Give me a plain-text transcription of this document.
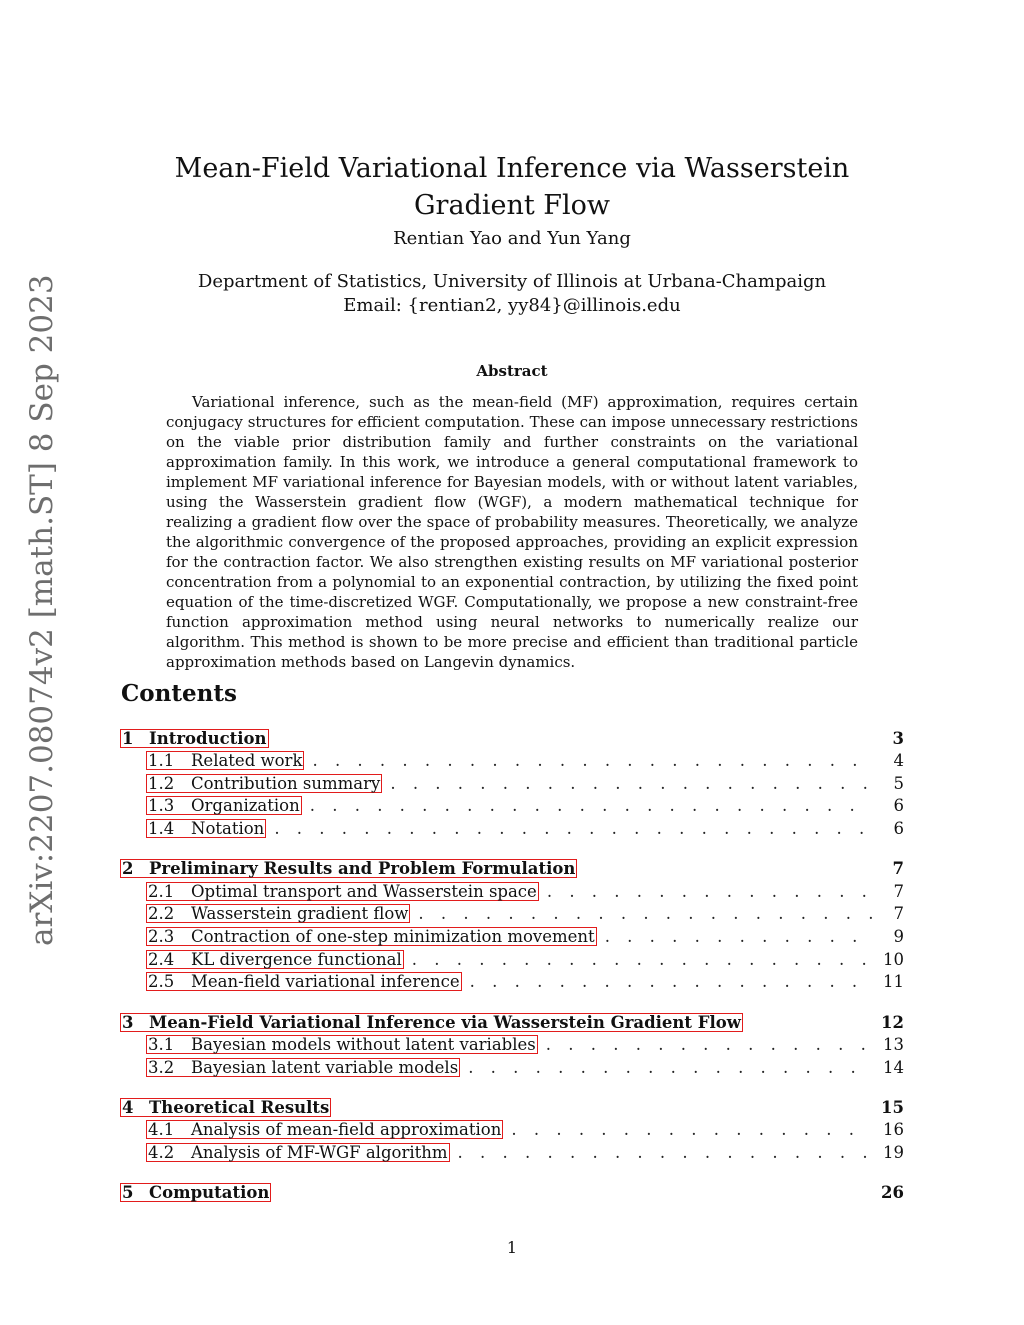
arXiv:2207.08074v2 [math.ST] 8 Sep 2023
Mean-Field Variational Inference via Wasserstein
Gradient Flow
Rentian Yao and Yun Yang
Department of Statistics, University of Illinois at Urbana-Champaign
Email: {rentian2, yy84}@illinois.edu
Abstract

Variational inference, such as the mean-field (MF) approximation, requires certain conjugacy structures for efficient computation. These can impose unnecessary restrictions on the viable prior distribution family and further constraints on the variational approximation family. In this work, we introduce a general computational framework to implement MF variational inference for Bayesian models, with or without latent variables, using the Wasserstein gradient flow (WGF), a modern mathematical technique for realizing a gradient flow over the space of probability measures. Theoretically, we analyze the algorithmic convergence of the proposed approaches, providing an explicit expression for the contraction factor. We also strengthen existing results on MF variational posterior concentration from a polynomial to an exponential contraction, by utilizing the fixed point equation of the time-discretized WGF. Computationally, we propose a new constraint-free function approximation method using neural networks to numerically realize our algorithm. This method is shown to be more precise and efficient than traditional particle approximation methods based on Langevin dynamics.

Contents
1 Introduction	3
1.1	Related work . . .	4
1.2	Contribution summary . . .	5
1.3	Organization . . .	6
1.4	Notation . . .	6
2 Preliminary Results and Problem Formulation	7
2.1	Optimal transport and Wasserstein space . . .	7
2.2	Wasserstein gradient flow . . .	7
2.3	Contraction of one-step minimization movement . . .	9
2.4	KL divergence functional . . .	10
2.5	Mean-field variational inference . . .	11
3 Mean-Field Variational Inference via Wasserstein Gradient Flow	12
3.1	Bayesian models without latent variables . . .	13
3.2	Bayesian latent variable models . . .	14
4 Theoretical Results	15
4.1	Analysis of mean-field approximation . . .	16
4.2	Analysis of MF-WGF algorithm . . .	19
5 Computation	26
1
